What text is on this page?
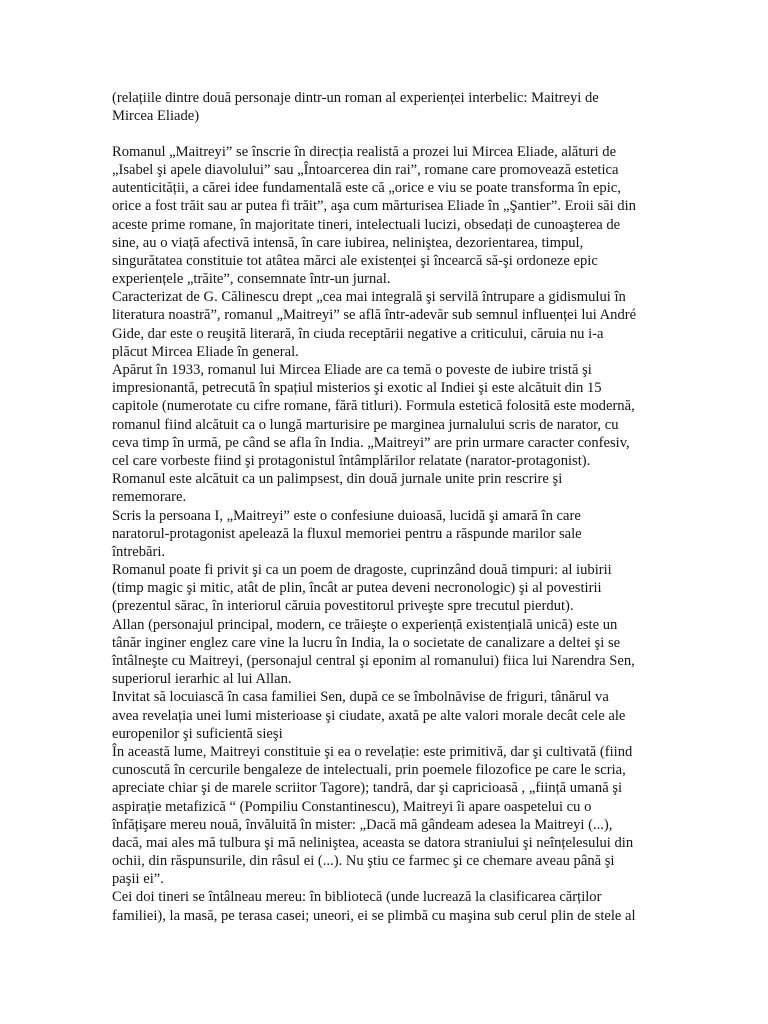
(relațiile dintre două personaje dintr-un roman al experienței interbelic: Maitreyi de
Mircea Eliade)
Romanul „Maitreyi” se înscrie în direcția realistă a prozei lui Mircea Eliade, alături de
„Isabel şi apele diavolului” sau „Întoarcerea din rai”, romane care promovează estetica
autenticității, a cărei idee fundamentală este că „orice e viu se poate transforma în epic,
orice a fost trăit sau ar putea fi trăit”, aşa cum mărturisea Eliade în „Şantier”. Eroii săi din
aceste prime romane, în majoritate tineri, intelectuali lucizi, obsedați de cunoaşterea de
sine, au o viață afectivă intensă, în care iubirea, neliniştea, dezorientarea, timpul,
singurătatea constituie tot atâtea mărci ale existenței şi încearcă să-şi ordoneze epic
experiențele „trăite”, consemnate într-un jurnal.
Caracterizat de G. Călinescu drept „cea mai integrală şi servilă întrupare a gidismului în
literatura noastră”, romanul „Maitreyi” se află într-adevăr sub semnul influenței lui André
Gide, dar este o reuşită literară, în ciuda receptării negative a criticului, căruia nu i-a
plăcut Mircea Eliade în general.
Apărut în 1933, romanul lui Mircea Eliade are ca temă o poveste de iubire tristă şi
impresionantă, petrecută în spațiul misterios şi exotic al Indiei şi este alcătuit din 15
capitole (numerotate cu cifre romane, fără titluri). Formula estetică folosită este modernă,
romanul fiind alcătuit ca o lungă marturisire pe marginea jurnalului scris de narator, cu
ceva timp în urmă, pe când se afla în India. „Maitreyi” are prin urmare caracter confesiv,
cel care vorbeste fiind şi protagonistul întâmplărilor relatate (narator-protagonist).
Romanul este alcătuit ca un palimpsest, din două jurnale unite prin rescrire şi
rememorare.
Scris la persoana I, „Maitreyi” este o confesiune duioasă, lucidă şi amară în care
naratorul-protagonist apelează la fluxul memoriei pentru a răspunde marilor sale
întrebări.
Romanul poate fi privit şi ca un poem de dragoste, cuprinzând două timpuri: al iubirii
(timp magic şi mitic, atât de plin, încât ar putea deveni necronologic) şi al povestirii
(prezentul sărac, în interiorul căruia povestitorul priveşte spre trecutul pierdut).
Allan (personajul principal, modern, ce trăieşte o experiență existențială unică) este un
tânăr inginer englez care vine la lucru în India, la o societate de canalizare a deltei şi se
întâlneşte cu Maitreyi, (personajul central şi eponim al romanului) fiica lui Narendra Sen,
superiorul ierarhic al lui Allan.
Invitat să locuiască în casa familiei Sen, după ce se îmbolnăvise de friguri, tânărul va
avea revelația unei lumi misterioase şi ciudate, axată pe alte valori morale decât cele ale
europenilor şi suficientă sieşi
În această lume, Maitreyi constituie şi ea o revelație: este primitivă, dar şi cultivată (fiind
cunoscută în cercurile bengaleze de intelectuali, prin poemele filozofice pe care le scria,
apreciate chiar şi de marele scriitor Tagore); tandră, dar şi capricioasă , „ființă umană şi
aspirație metafizică “ (Pompiliu Constantinescu), Maitreyi îi apare oaspetelui cu o
înfățişare mereu nouă, învăluită în mister: „Dacă mă gândeam adesea la Maitreyi (...),
dacă, mai ales mă tulbura şi mă neliniştea, aceasta se datora straniului şi neînțelesului din
ochii, din răspunsurile, din râsul ei (...). Nu ştiu ce farmec şi ce chemare aveau până şi
paşii ei”.
Cei doi tineri se întâlneau mereu: în bibliotecă (unde lucrează la clasificarea cărților
familiei), la masă, pe terasa casei; uneori, ei se plimbă cu maşina sub cerul plin de stele al
